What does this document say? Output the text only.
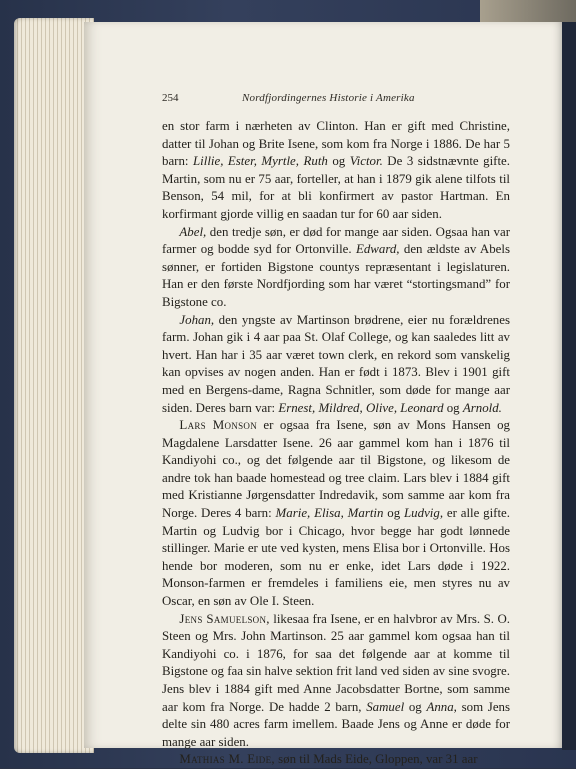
254	Nordfjordingernes Historie i Amerika

en stor farm i nærheten av Clinton. Han er gift med Christine, datter til Johan og Brite Isene, som kom fra Norge i 1886. De har 5 barn: Lillie, Ester, Myrtle, Ruth og Victor. De 3 sidstnævnte gifte. Martin, som nu er 75 aar, forteller, at han i 1879 gik alene tilfots til Benson, 54 mil, for at bli konfirmert av pastor Hartman. En korfirmant gjorde villig en saadan tur for 60 aar siden.

Abel, den tredje søn, er død for mange aar siden. Ogsaa han var farmer og bodde syd for Ortonville. Edward, den ældste av Abels sønner, er fortiden Bigstone countys repræsentant i legislaturen. Han er den første Nordfjording som har været “stortingsmand” for Bigstone co.

Johan, den yngste av Martinson brødrene, eier nu forældrenes farm. Johan gik i 4 aar paa St. Olaf College, og kan saaledes litt av hvert. Han har i 35 aar været town clerk, en rekord som vanskelig kan opvises av nogen anden. Han er født i 1873. Blev i 1901 gift med en Bergens-dame, Ragna Schnitler, som døde for mange aar siden. Deres barn var: Ernest, Mildred, Olive, Leonard og Arnold.

Lars Monson er ogsaa fra Isene, søn av Mons Hansen og Magdalene Larsdatter Isene. 26 aar gammel kom han i 1876 til Kandiyohi co., og det følgende aar til Bigstone, og likesom de andre tok han baade homestead og tree claim. Lars blev i 1884 gift med Kristianne Jørgensdatter Indredavik, som samme aar kom fra Norge. Deres 4 barn: Marie, Elisa, Martin og Ludvig, er alle gifte. Martin og Ludvig bor i Chicago, hvor begge har godt lønnede stillinger. Marie er ute ved kysten, mens Elisa bor i Ortonville. Hos hende bor moderen, som nu er enke, idet Lars døde i 1922. Monson-farmen er fremdeles i familiens eie, men styres nu av Oscar, en søn av Ole I. Steen.

Jens Samuelson, likesaa fra Isene, er en halvbror av Mrs. S. O. Steen og Mrs. John Martinson. 25 aar gammel kom ogsaa han til Kandiyohi co. i 1876, for saa det følgende aar at komme til Bigstone og faa sin halve sektion frit land ved siden av sine svogre. Jens blev i 1884 gift med Anne Jacobsdatter Bortne, som samme aar kom fra Norge. De hadde 2 barn, Samuel og Anna, som Jens delte sin 480 acres farm imellem. Baade Jens og Anne er døde for mange aar siden.

Mathias M. Eide, søn til Mads Eide, Gloppen, var 31 aar
